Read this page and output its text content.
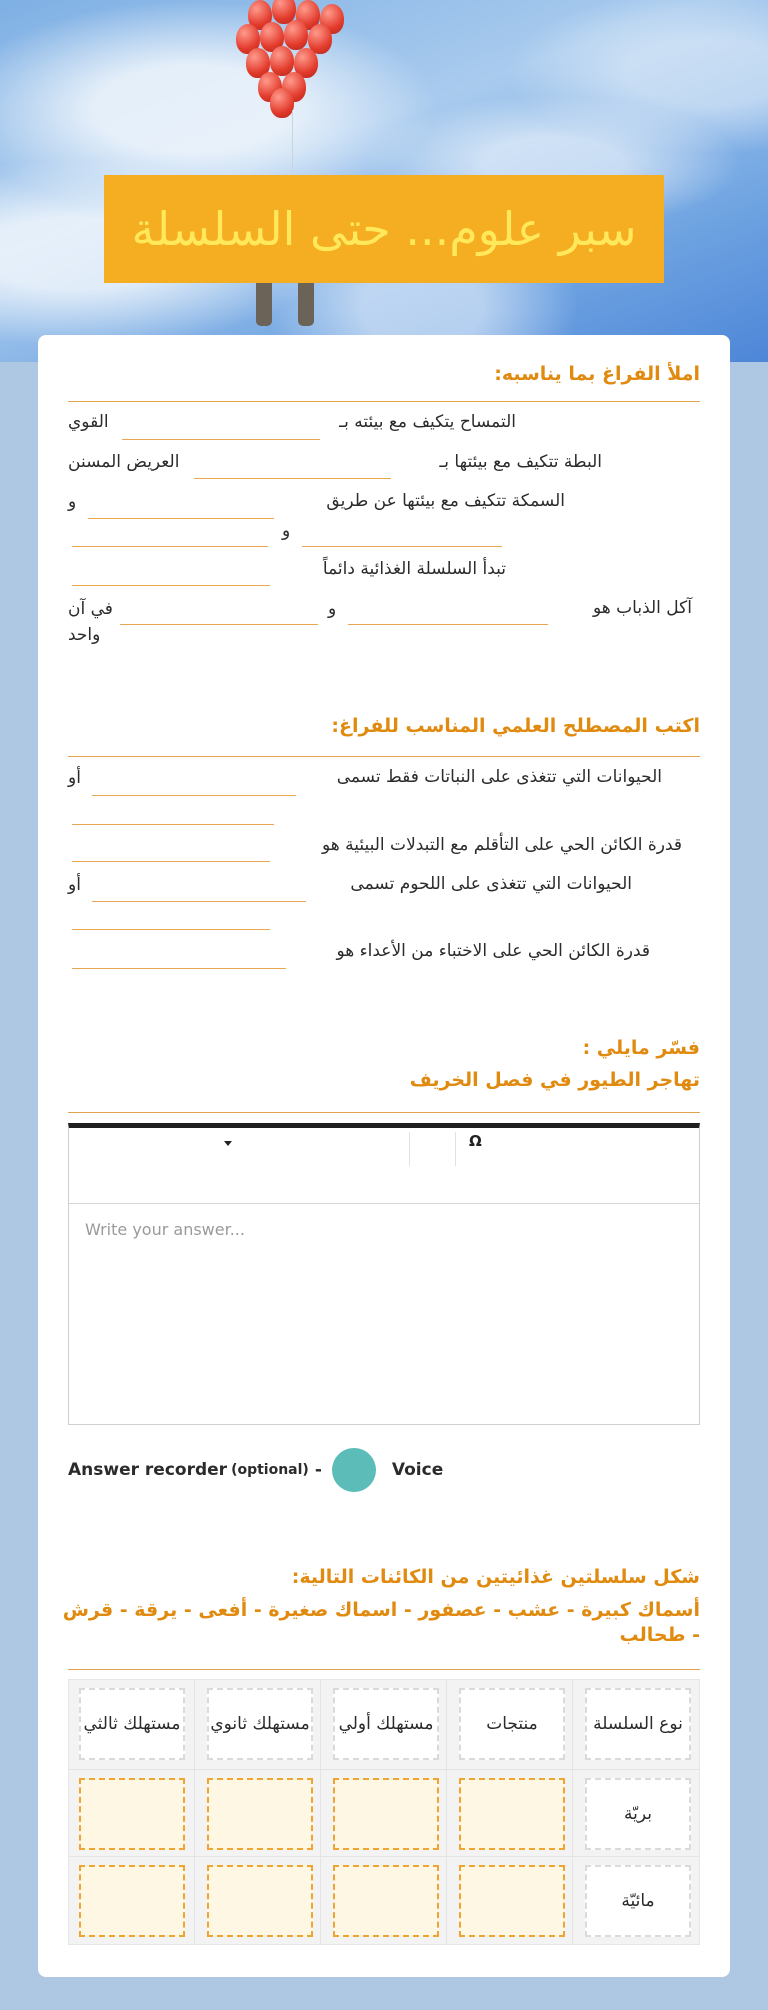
سبر علوم... حتى السلسلة
املأ الفراغ بما يناسبه:
التمساح يتكيف مع بيئته بـ
القوي
البطة تتكيف مع بيئتها بـ
العريض المسنن
السمكة تتكيف مع بيئتها عن طريق
و
و
تبدأ السلسلة الغذائية دائماً
آكل الذباب هو
و
في آن
واحد
اكتب المصطلح العلمي المناسب للفراغ:
الحيوانات التي تتغذى على النباتات فقط تسمى
أو
قدرة الكائن الحي على التأقلم مع التبدلات البيئية هو
الحيوانات التي تتغذى على اللحوم تسمى
أو
قدرة الكائن الحي على الاختباء من الأعداء هو
فسّر مايلي :
تهاجر الطيور في فصل الخريف
Ω
Write your answer...
Answer recorder (optional) -	Voice
شكل سلسلتين غذائيتين من الكائنات التالية:
أسماك كبيرة - عشب - عصفور - اسماك صغيرة - أفعى - يرقة - قرش
- طحالب
نوع السلسلة
منتجات
مستهلك أولي
مستهلك ثانوي
مستهلك ثالثي
بريّة
مائيّة
